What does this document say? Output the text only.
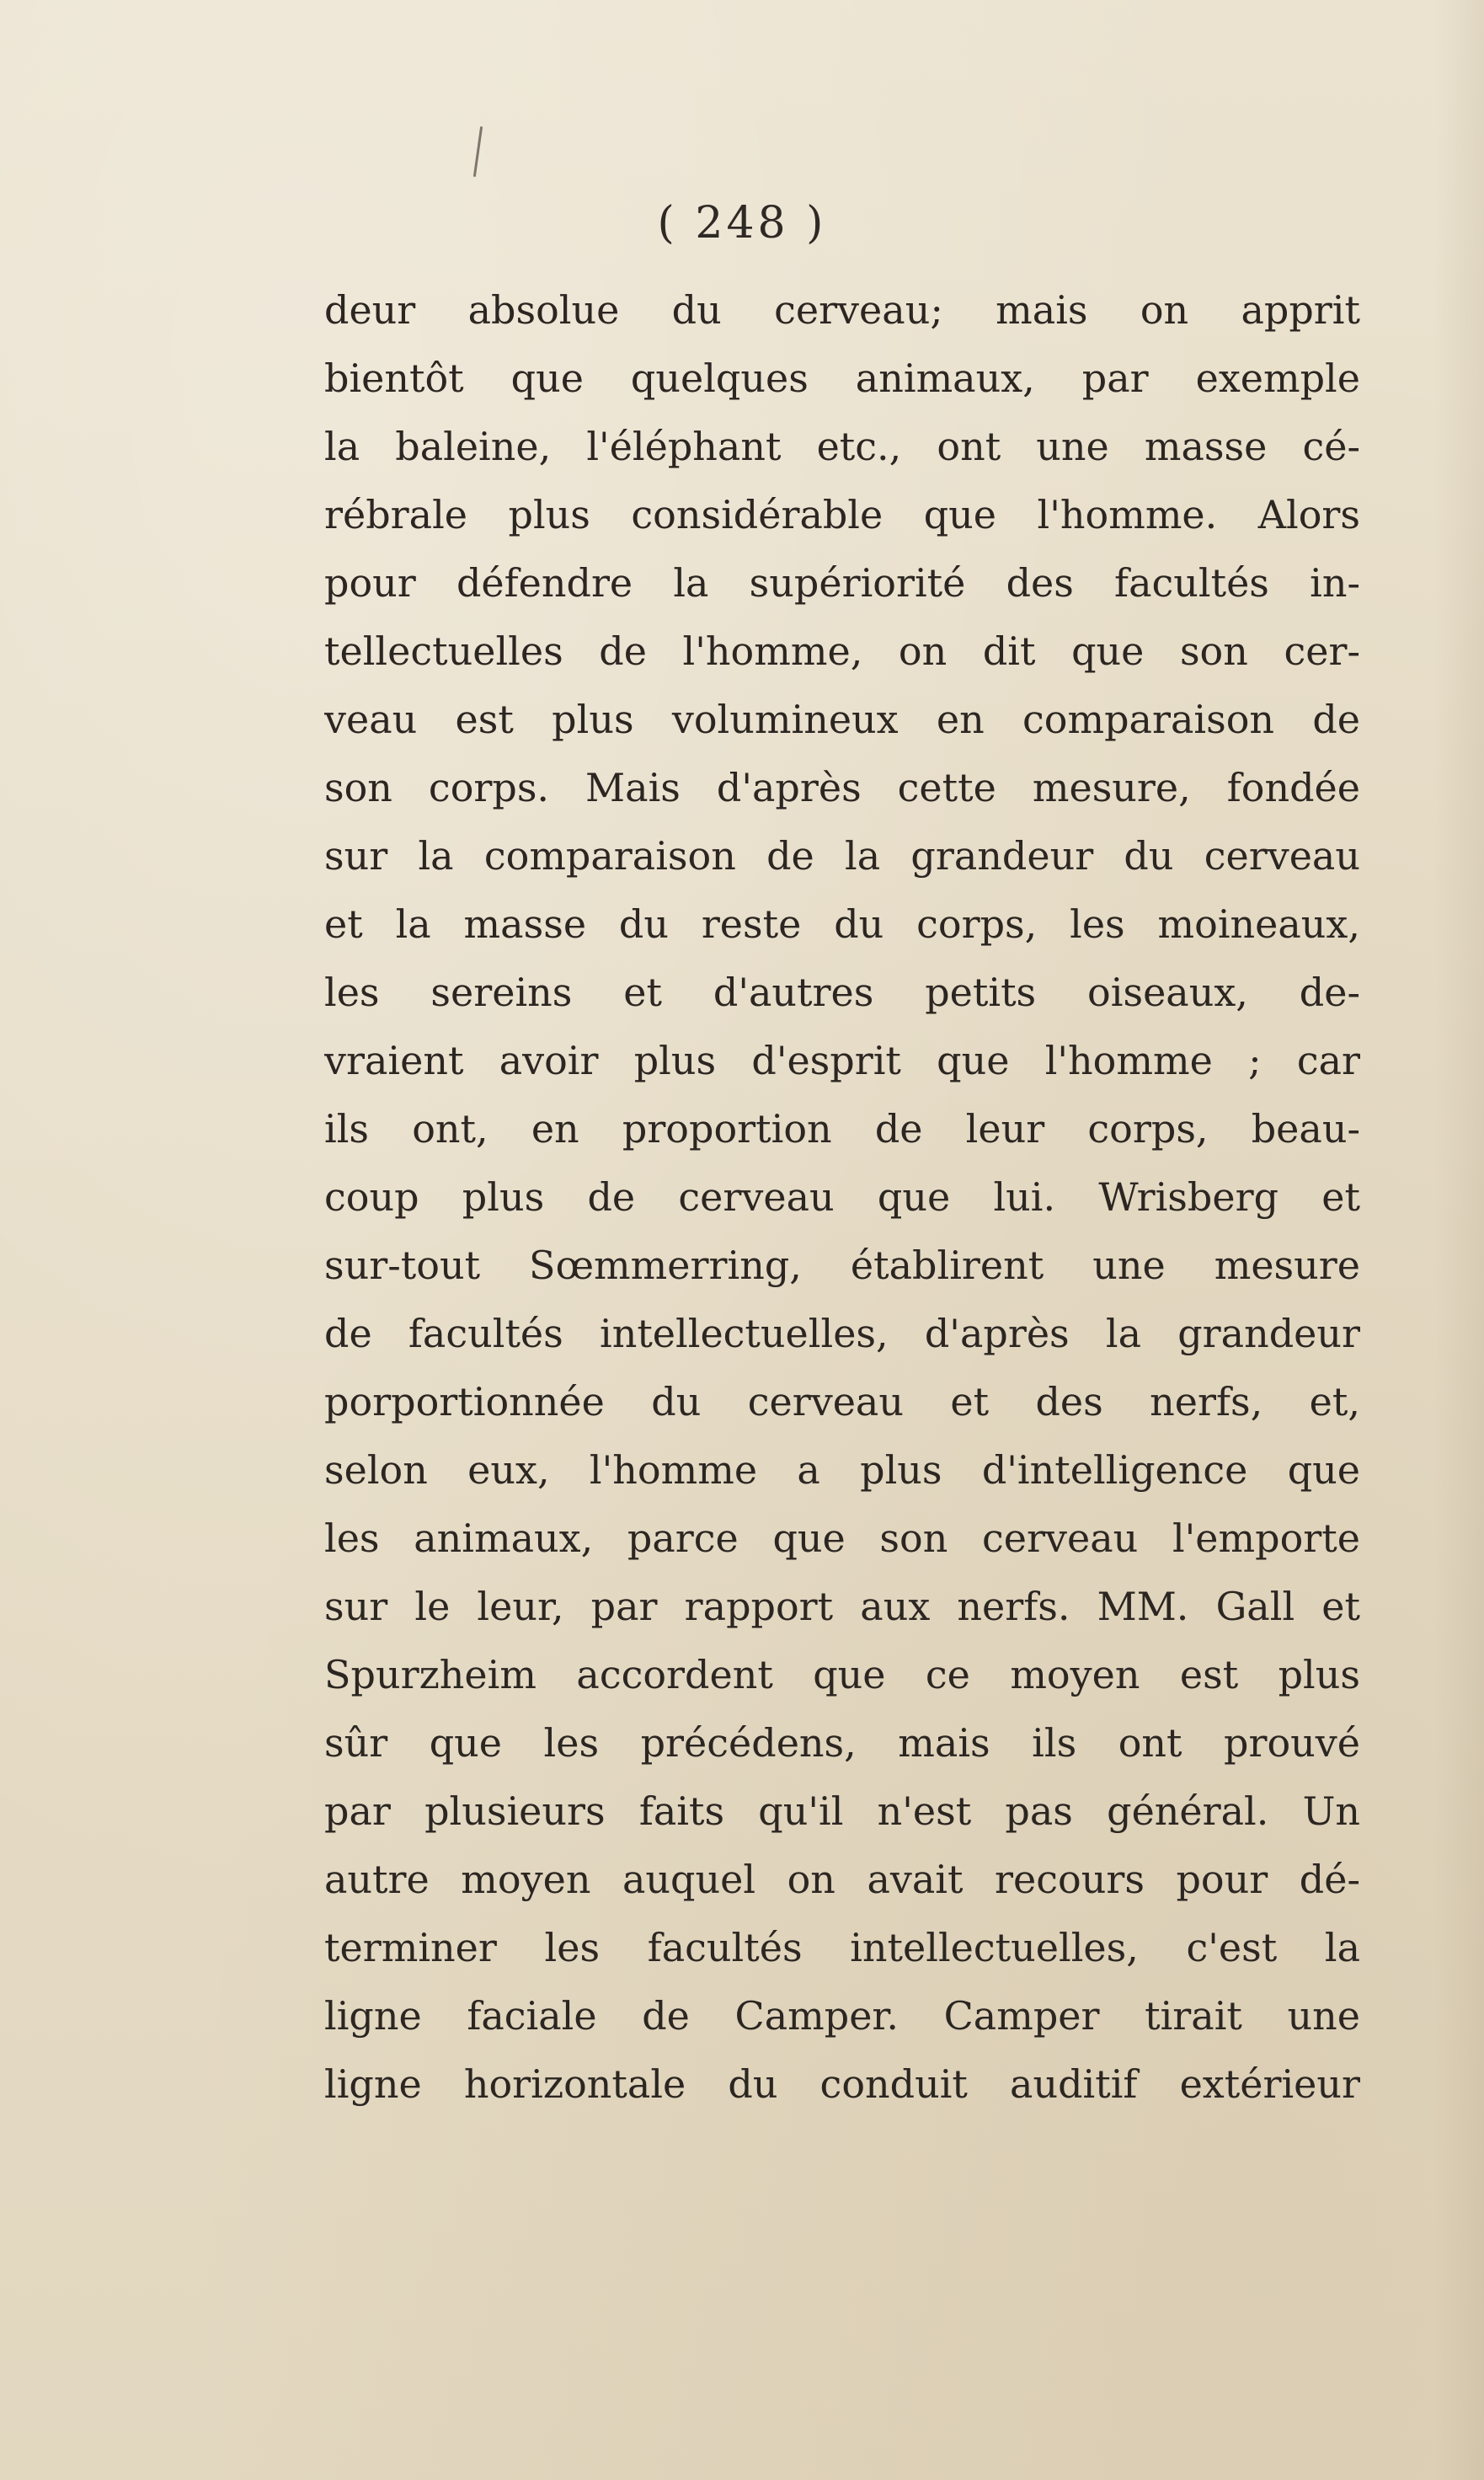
( 248 )

deur absolue du cerveau; mais on apprit
bientôt que quelques animaux, par exemple
la baleine, l'éléphant etc., ont une masse cé-
rébrale plus considérable que l'homme. Alors
pour défendre la supériorité des facultés in-
tellectuelles de l'homme, on dit que son cer-
veau est plus volumineux en comparaison de
son corps. Mais d'après cette mesure, fondée
sur la comparaison de la grandeur du cerveau
et la masse du reste du corps, les moineaux,
les sereins et d'autres petits oiseaux, de-
vraient avoir plus d'esprit que l'homme ; car
ils ont, en proportion de leur corps, beau-
coup plus de cerveau que lui. Wrisberg et
sur-tout Sœmmerring, établirent une mesure
de facultés intellectuelles, d'après la grandeur
porportionnée du cerveau et des nerfs, et,
selon eux, l'homme a plus d'intelligence que
les animaux, parce que son cerveau l'emporte
sur le leur, par rapport aux nerfs. MM. Gall et
Spurzheim accordent que ce moyen est plus
sûr que les précédens, mais ils ont prouvé
par plusieurs faits qu'il n'est pas général. Un
autre moyen auquel on avait recours pour dé-
terminer les facultés intellectuelles, c'est la
ligne faciale de Camper. Camper tirait une
ligne horizontale du conduit auditif extérieur
